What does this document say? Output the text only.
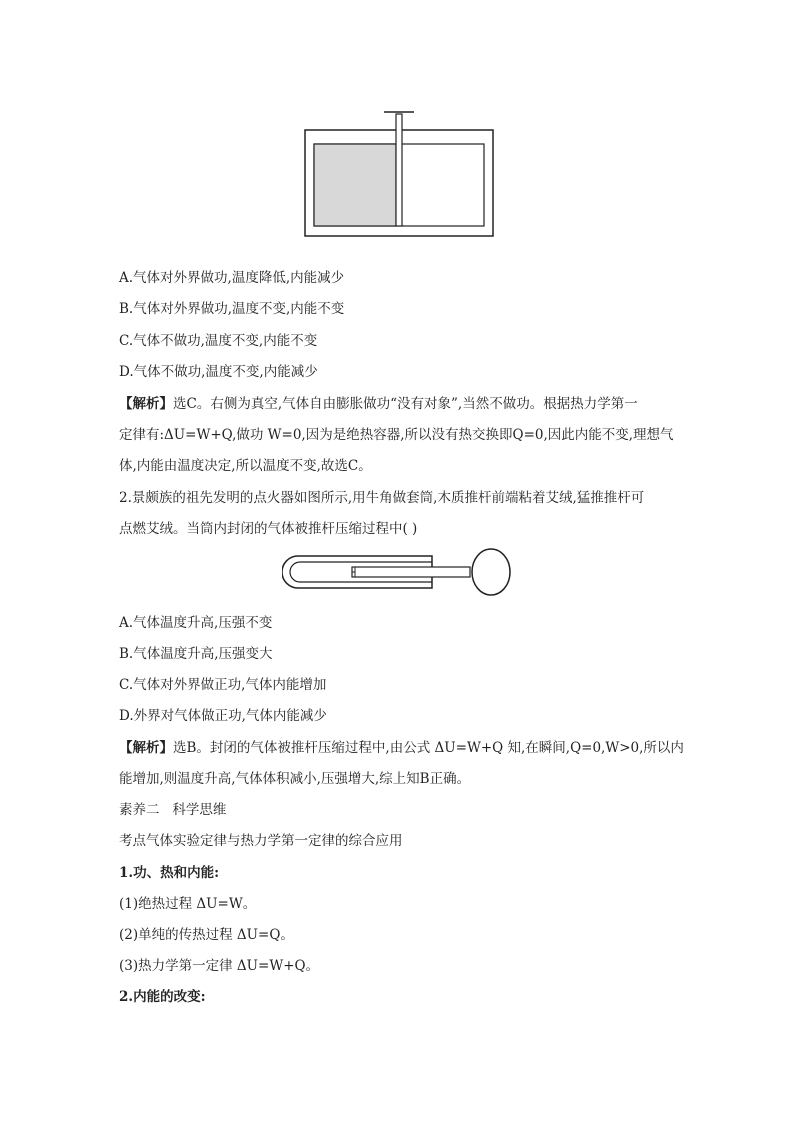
A.气体对外界做功,温度降低,内能减少
B.气体对外界做功,温度不变,内能不变
C.气体不做功,温度不变,内能不变
D.气体不做功,温度不变,内能减少
【解析】选C。右侧为真空,气体自由膨胀做功“没有对象”,当然不做功。根据热力学第一
定律有:ΔU=W+Q,做功 W=0,因为是绝热容器,所以没有热交换即Q=0,因此内能不变,理想气
体,内能由温度决定,所以温度不变,故选C。
2.景颇族的祖先发明的点火器如图所示,用牛角做套筒,木质推杆前端粘着艾绒,猛推推杆可
点燃艾绒。当筒内封闭的气体被推杆压缩过程中( )
A.气体温度升高,压强不变
B.气体温度升高,压强变大
C.气体对外界做正功,气体内能增加
D.外界对气体做正功,气体内能减少
【解析】选B。封闭的气体被推杆压缩过程中,由公式 ΔU=W+Q 知,在瞬间,Q=0,W>0,所以内
能增加,则温度升高,气体体积减小,压强增大,综上知B正确。
素养二   科学思维
考点气体实验定律与热力学第一定律的综合应用
1.功、热和内能:
(1)绝热过程 ΔU=W。
(2)单纯的传热过程 ΔU=Q。
(3)热力学第一定律 ΔU=W+Q。
2.内能的改变:
